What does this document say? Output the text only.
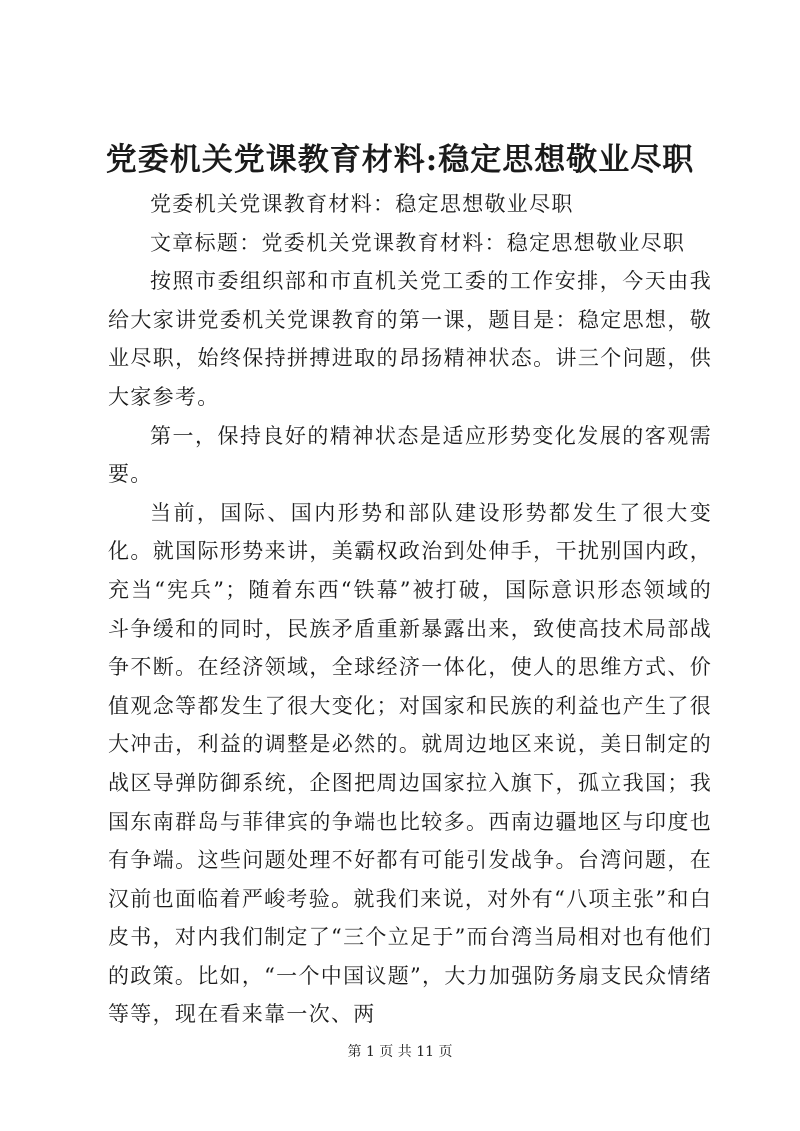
党委机关党课教育材料:稳定思想敬业尽职

党委机关党课教育材料：稳定思想敬业尽职

文章标题：党委机关党课教育材料：稳定思想敬业尽职

按照市委组织部和市直机关党工委的工作安排，今天由我给大家讲党委机关党课教育的第一课，题目是：稳定思想，敬业尽职，始终保持拼搏进取的昂扬精神状态。讲三个问题，供大家参考。

第一，保持良好的精神状态是适应形势变化发展的客观需要。

当前，国际、国内形势和部队建设形势都发生了很大变化。就国际形势来讲，美霸权政治到处伸手，干扰别国内政，充当“宪兵”；随着东西“铁幕”被打破，国际意识形态领域的斗争缓和的同时，民族矛盾重新暴露出来，致使高技术局部战争不断。在经济领域，全球经济一体化，使人的思维方式、价值观念等都发生了很大变化；对国家和民族的利益也产生了很大冲击，利益的调整是必然的。就周边地区来说，美日制定的战区导弹防御系统，企图把周边国家拉入旗下，孤立我国；我国东南群岛与菲律宾的争端也比较多。西南边疆地区与印度也有争端。这些问题处理不好都有可能引发战争。台湾问题，在汉前也面临着严峻考验。就我们来说，对外有“八项主张”和白皮书，对内我们制定了“三个立足于”而台湾当局相对也有他们的政策。比如，“一个中国议题”，大力加强防务扇支民众情绪等等，现在看来靠一次、两

第 1 页 共 11 页
